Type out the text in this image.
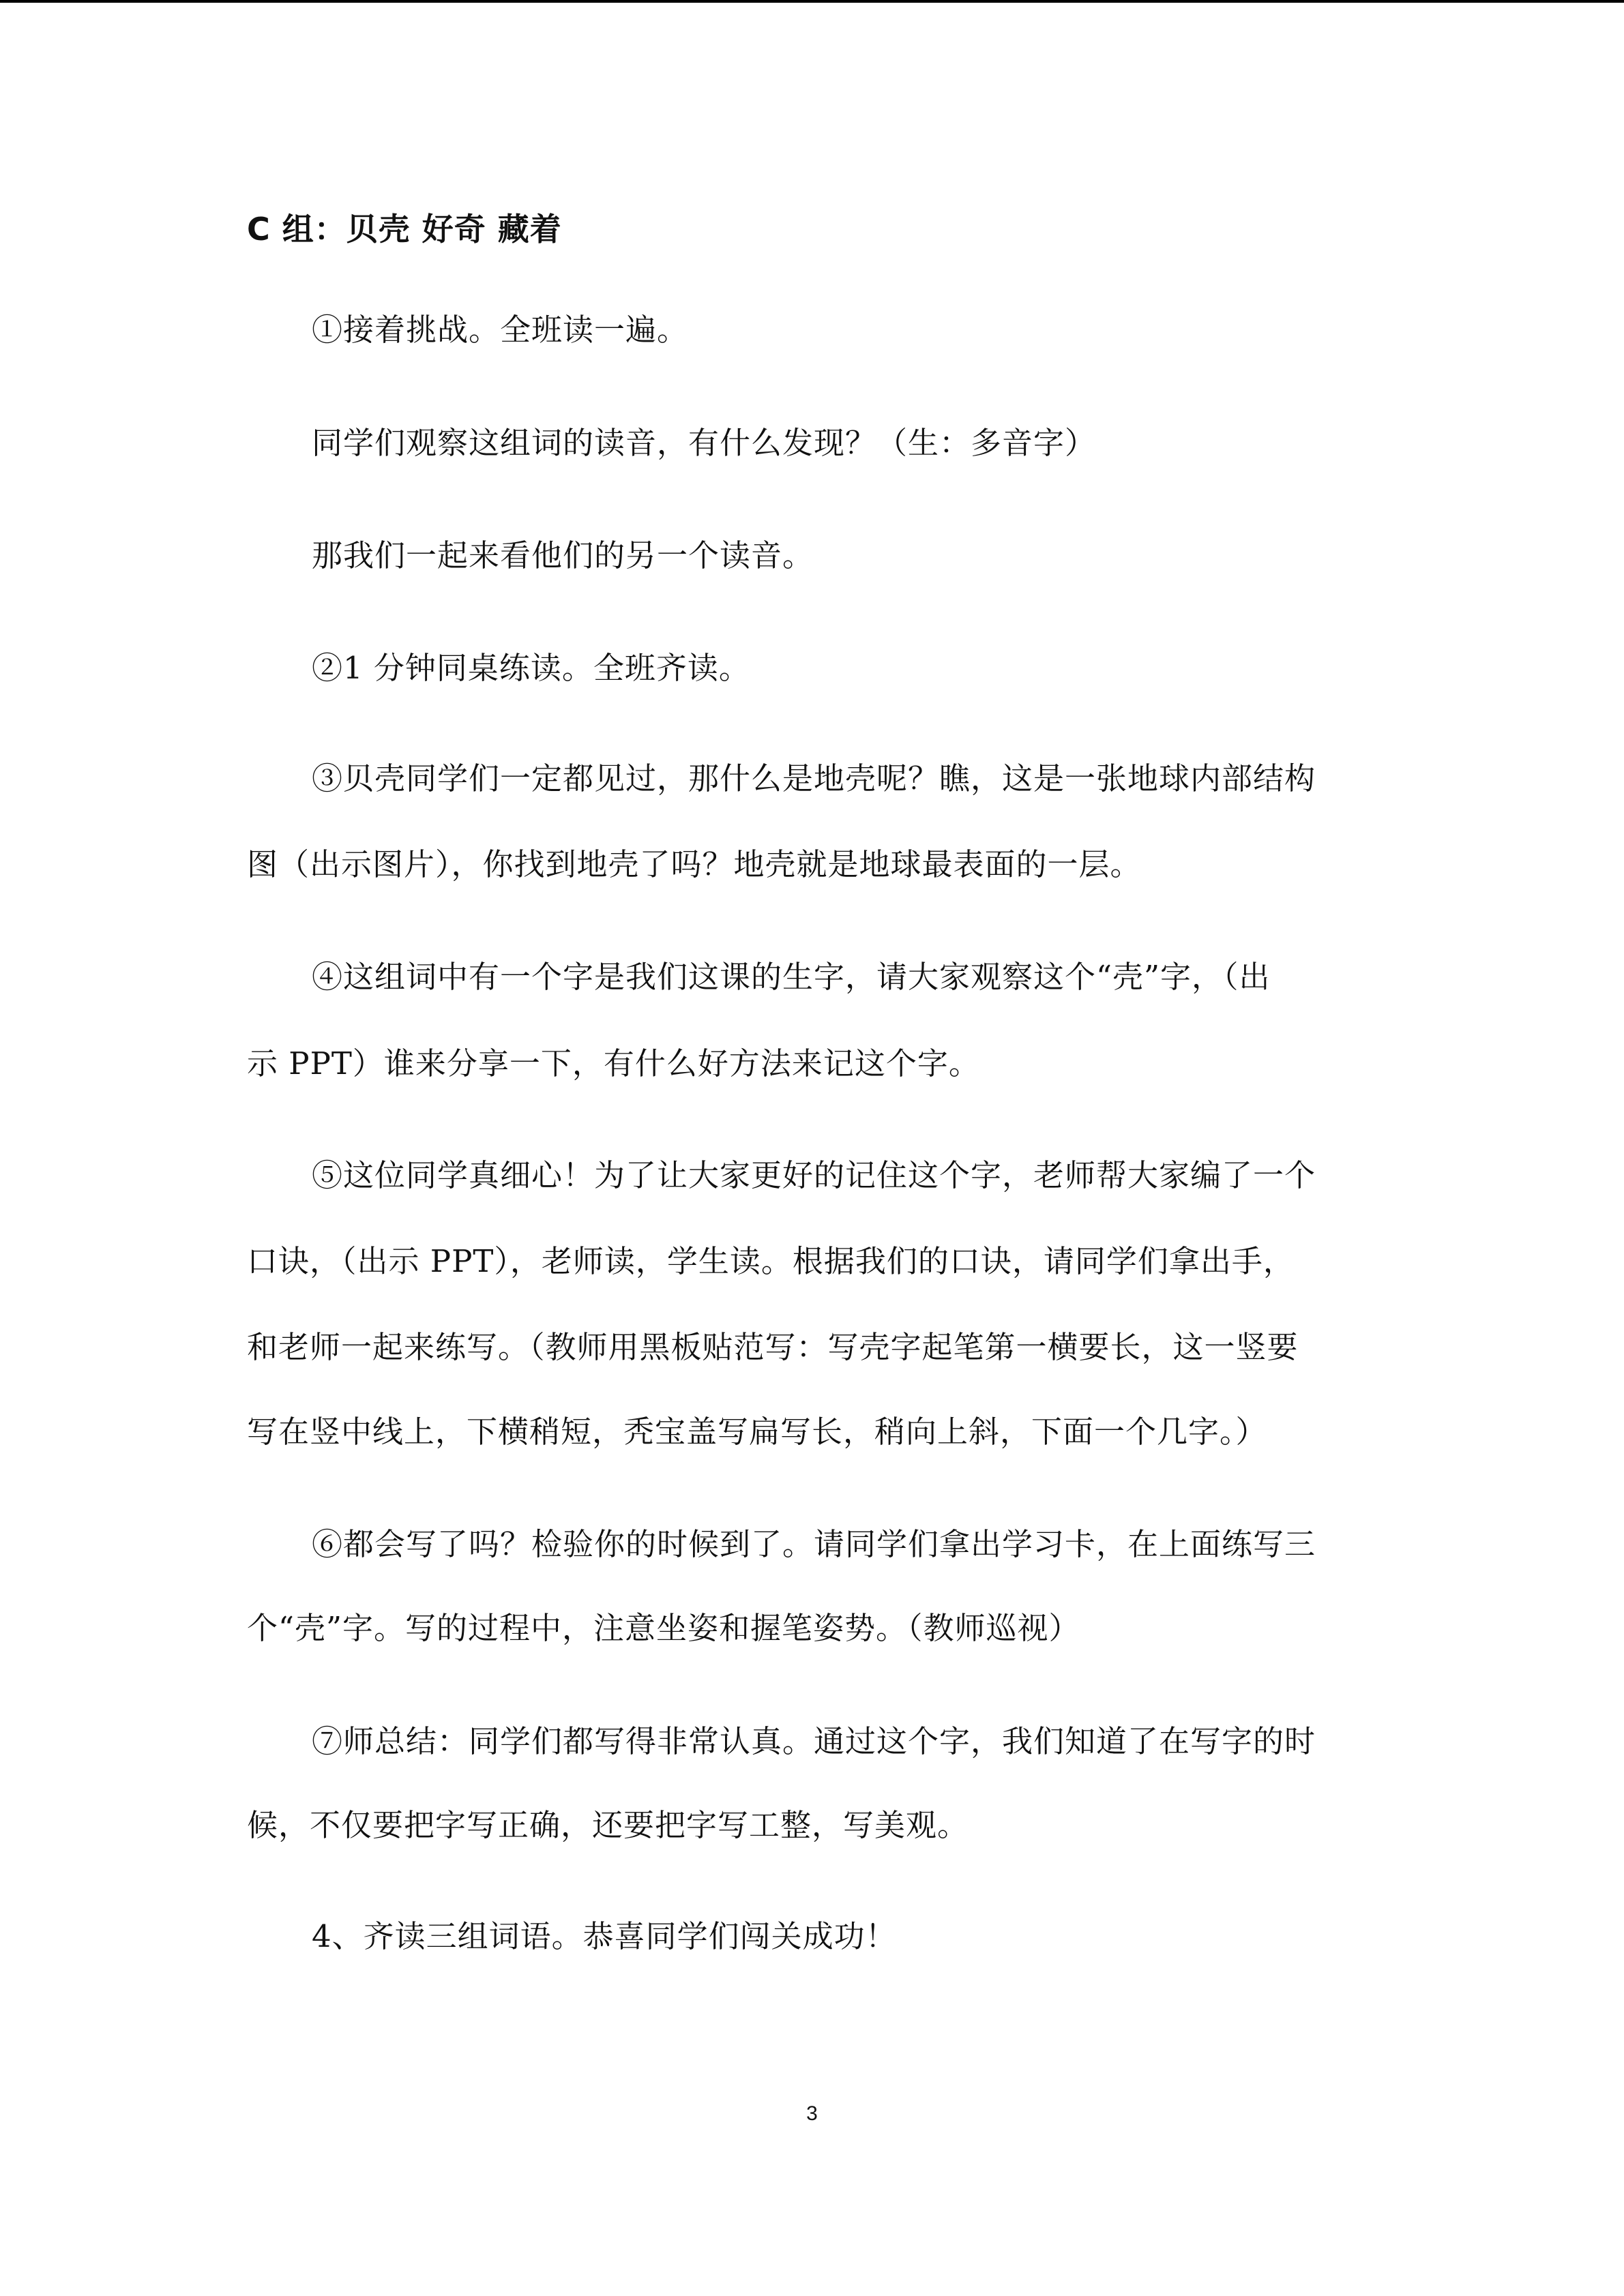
C 组：贝壳 好奇 藏着
①接着挑战。全班读一遍。
同学们观察这组词的读音，有什么发现？（生：多音字）
那我们一起来看他们的另一个读音。
②1 分钟同桌练读。全班齐读。
③贝壳同学们一定都见过，那什么是地壳呢？瞧，这是一张地球内部结构
图（出示图片），你找到地壳了吗？地壳就是地球最表面的一层。
④这组词中有一个字是我们这课的生字，请大家观察这个“壳”字，（出
示 PPT）谁来分享一下，有什么好方法来记这个字。
⑤这位同学真细心！为了让大家更好的记住这个字，老师帮大家编了一个
口诀，（出示 PPT），老师读，学生读。根据我们的口诀，请同学们拿出手，
和老师一起来练写。（教师用黑板贴范写：写壳字起笔第一横要长，这一竖要
写在竖中线上，下横稍短，秃宝盖写扁写长，稍向上斜，下面一个几字。）
⑥都会写了吗？检验你的时候到了。请同学们拿出学习卡，在上面练写三
个“壳”字。写的过程中，注意坐姿和握笔姿势。（教师巡视）
⑦师总结：同学们都写得非常认真。通过这个字，我们知道了在写字的时
候，不仅要把字写正确，还要把字写工整，写美观。
4、齐读三组词语。恭喜同学们闯关成功！
3
